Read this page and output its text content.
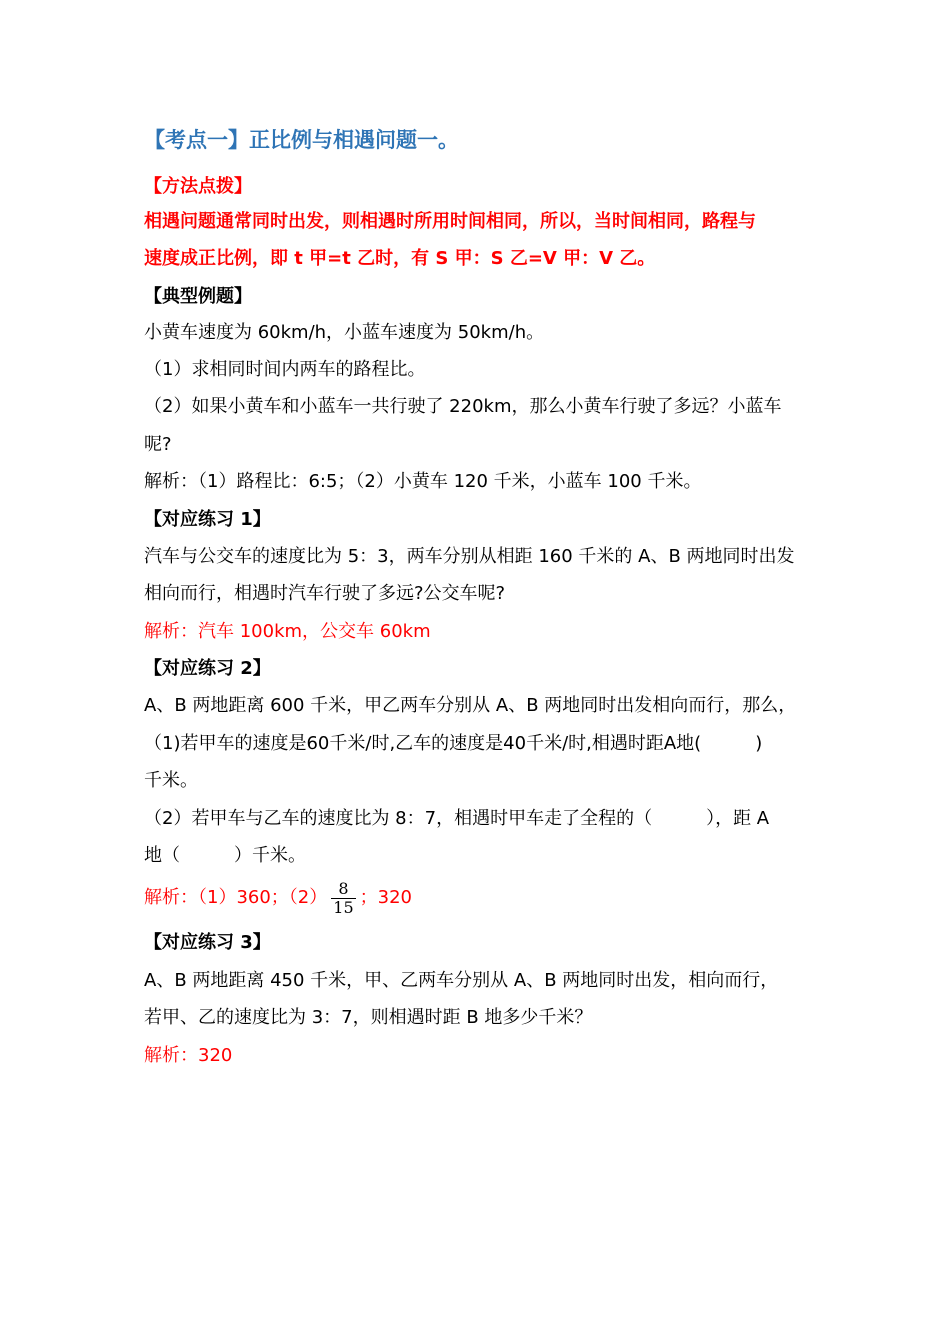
【考点一】正比例与相遇问题一。
【方法点拨】
相遇问题通常同时出发，则相遇时所用时间相同，所以，当时间相同，路程与
速度成正比例，即 t 甲=t 乙时，有 S 甲：S 乙=V 甲：V 乙。
【典型例题】
小黄车速度为 60km/h，小蓝车速度为 50km/h。
（1）求相同时间内两车的路程比。
（2）如果小黄车和小蓝车一共行驶了 220km，那么小黄车行驶了多远？小蓝车
呢?
解析：（1）路程比：6:5；（2）小黄车 120 千米，小蓝车 100 千米。
【对应练习 1】
汽车与公交车的速度比为 5：3，两车分别从相距 160 千米的 A、B 两地同时出发
相向而行，相遇时汽车行驶了多远?公交车呢?
解析：汽车 100km，公交车 60km
【对应练习 2】
A、B 两地距离 600 千米，甲乙两车分别从 A、B 两地同时出发相向而行，那么，
（1)若甲车的速度是60千米/时,乙车的速度是40千米/时,相遇时距A地(　　　)
千米。
（2）若甲车与乙车的速度比为 8：7，相遇时甲车走了全程的（　　　），距 A
地（　　　）千米。
解析：（1）360；$(2) \frac{8}{15}$ ；320
【对应练习 3】
A、B 两地距离 450 千米，甲、乙两车分别从 A、B 两地同时出发，相向而行，
若甲、乙的速度比为 3：7，则相遇时距 B 地多少千米？
解析：320
